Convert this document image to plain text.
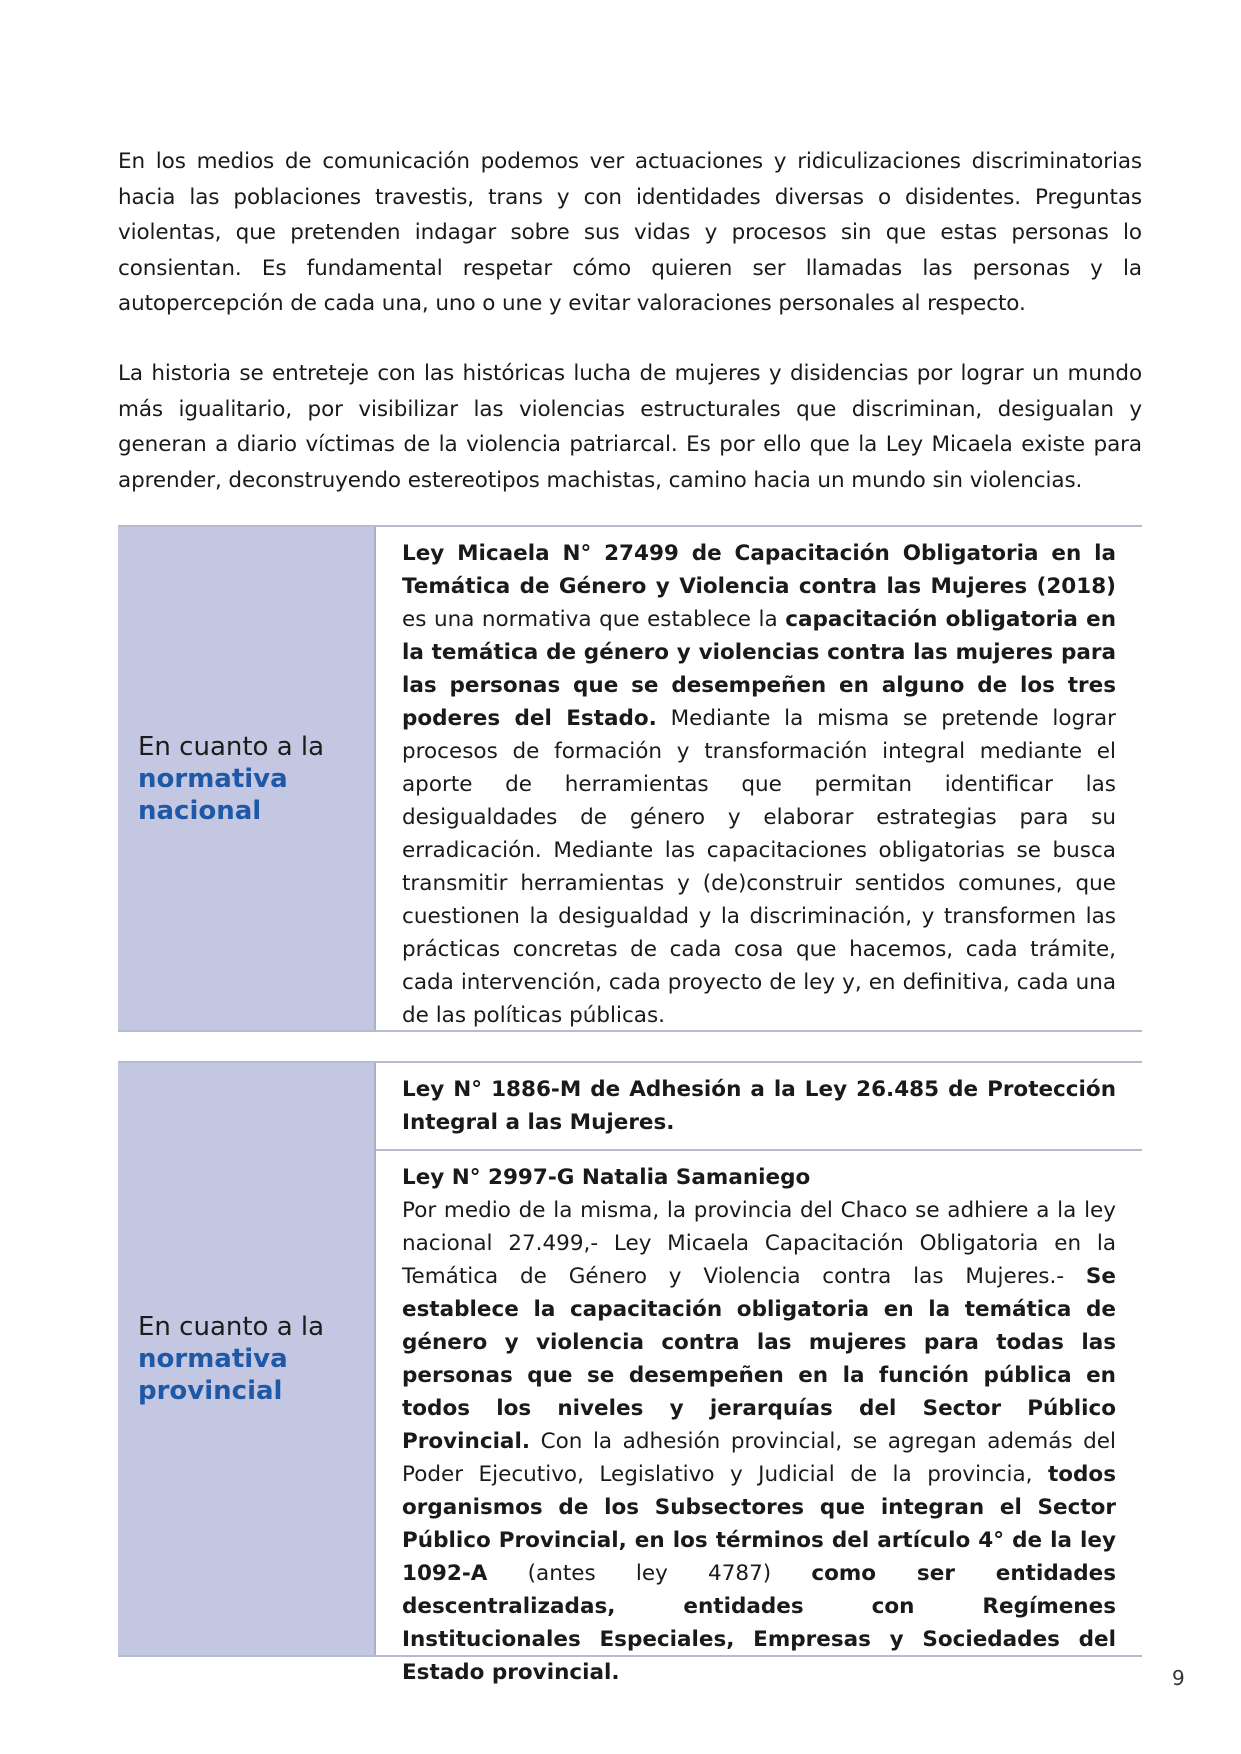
En los medios de comunicación podemos ver actuaciones y ridiculizaciones discriminatorias hacia las poblaciones travestis, trans y con identidades diversas o disidentes. Preguntas violentas, que pretenden indagar sobre sus vidas y procesos sin que estas personas lo consientan. Es fundamental respetar cómo quieren ser llamadas las personas y la autopercepción de cada una, uno o une y evitar valoraciones personales al respecto.

La historia se entreteje con las históricas lucha de mujeres y disidencias por lograr un mundo más igualitario, por visibilizar las violencias estructurales que discriminan, desigualan y generan a diario víctimas de la violencia patriarcal. Es por ello que la Ley Micaela existe para aprender, deconstruyendo estereotipos machistas, camino hacia un mundo sin violencias.

En cuanto a la
normativa
nacional
Ley Micaela N° 27499 de Capacitación Obligatoria en la Temática de Género y Violencia contra las Mujeres (2018) es una normativa que establece la capacitación obligatoria en la temática de género y violencias contra las mujeres para las personas que se desempeñen en alguno de los tres poderes del Estado. Mediante la misma se pretende lograr procesos de formación y transformación integral mediante el aporte de herramientas que permitan identificar las desigualdades de género y elaborar estrategias para su erradicación. Mediante las capacitaciones obligatorias se busca transmitir herramientas y (de)construir sentidos comunes, que cuestionen la desigualdad y la discriminación, y transformen las prácticas concretas de cada cosa que hacemos, cada trámite, cada intervención, cada proyecto de ley y, en definitiva, cada una de las políticas públicas.
En cuanto a la
normativa
provincial
Ley N° 1886-M de Adhesión a la Ley 26.485 de Protección Integral a las Mujeres.
Ley N° 2997-G Natalia Samaniego
Por medio de la misma, la provincia del Chaco se adhiere a la ley nacional 27.499,- Ley Micaela Capacitación Obligatoria en la Temática de Género y Violencia contra las Mujeres.- Se establece la capacitación obligatoria en la temática de género y violencia contra las mujeres para todas las personas que se desempeñen en la función pública en todos los niveles y jerarquías del Sector Público Provincial. Con la adhesión provincial, se agregan además del Poder Ejecutivo, Legislativo y Judicial de la provincia, todos organismos de los Subsectores que integran el Sector Público Provincial, en los términos del artículo 4° de la ley 1092-A (antes ley 4787) como ser entidades descentralizadas, entidades con Regímenes Institucionales Especiales, Empresas y Sociedades del Estado provincial.	9
